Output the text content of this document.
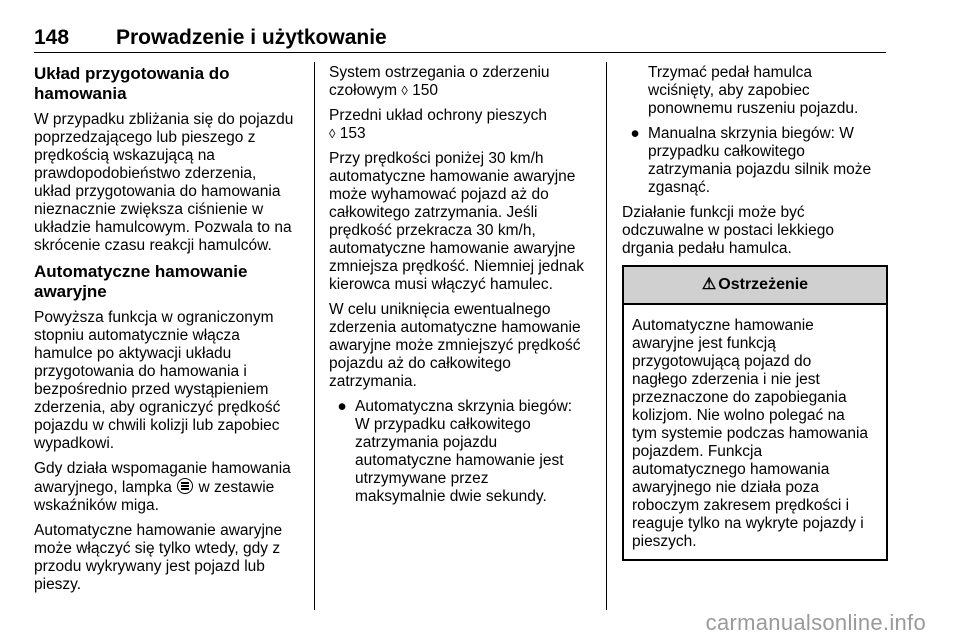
148 Prowadzenie i użytkowanie
Układ przygotowania do
hamowania

W przypadku zbliżania się do pojazdu
poprzedzającego lub pieszego z
prędkością wskazującą na
prawdopodobieństwo zderzenia,
układ przygotowania do hamowania
nieznacznie zwiększa ciśnienie w
układzie hamulcowym. Pozwala to na
skrócenie czasu reakcji hamulców.

Automatyczne hamowanie
awaryjne

Powyższa funkcja w ograniczonym
stopniu automatycznie włącza
hamulce po aktywacji układu
przygotowania do hamowania i
bezpośrednio przed wystąpieniem
zderzenia, aby ograniczyć prędkość
pojazdu w chwili kolizji lub zapobiec
wypadkowi.

Gdy działa wspomaganie hamowania
awaryjnego, lampka w zestawie
wskaźników miga.

Automatyczne hamowanie awaryjne
może włączyć się tylko wtedy, gdy z
przodu wykrywany jest pojazd lub
pieszy.

System ostrzegania o zderzeniu
czołowym ◊ 150

Przedni układ ochrony pieszych
◊ 153

Przy prędkości poniżej 30 km/h
automatyczne hamowanie awaryjne
może wyhamować pojazd aż do
całkowitego zatrzymania. Jeśli
prędkość przekracza 30 km/h,
automatyczne hamowanie awaryjne
zmniejsza prędkość. Niemniej jednak
kierowca musi włączyć hamulec.

W celu uniknięcia ewentualnego
zderzenia automatyczne hamowanie
awaryjne może zmniejszyć prędkość
pojazdu aż do całkowitego
zatrzymania.

● Automatyczna skrzynia biegów:
W przypadku całkowitego
zatrzymania pojazdu
automatyczne hamowanie jest
utrzymywane przez
maksymalnie dwie sekundy.
Trzymać pedał hamulca
wciśnięty, aby zapobiec
ponownemu ruszeniu pojazdu.
● Manualna skrzynia biegów: W
przypadku całkowitego
zatrzymania pojazdu silnik może
zgasnąć.

Działanie funkcji może być
odczuwalne w postaci lekkiego
drgania pedału hamulca.

⚠ Ostrzeżenie
Automatyczne hamowanie
awaryjne jest funkcją
przygotowującą pojazd do
nagłego zderzenia i nie jest
przeznaczone do zapobiegania
kolizjom. Nie wolno polegać na
tym systemie podczas hamowania
pojazdem. Funkcja
automatycznego hamowania
awaryjnego nie działa poza
roboczym zakresem prędkości i
reaguje tylko na wykryte pojazdy i
pieszych.
carmanualsonline.info
